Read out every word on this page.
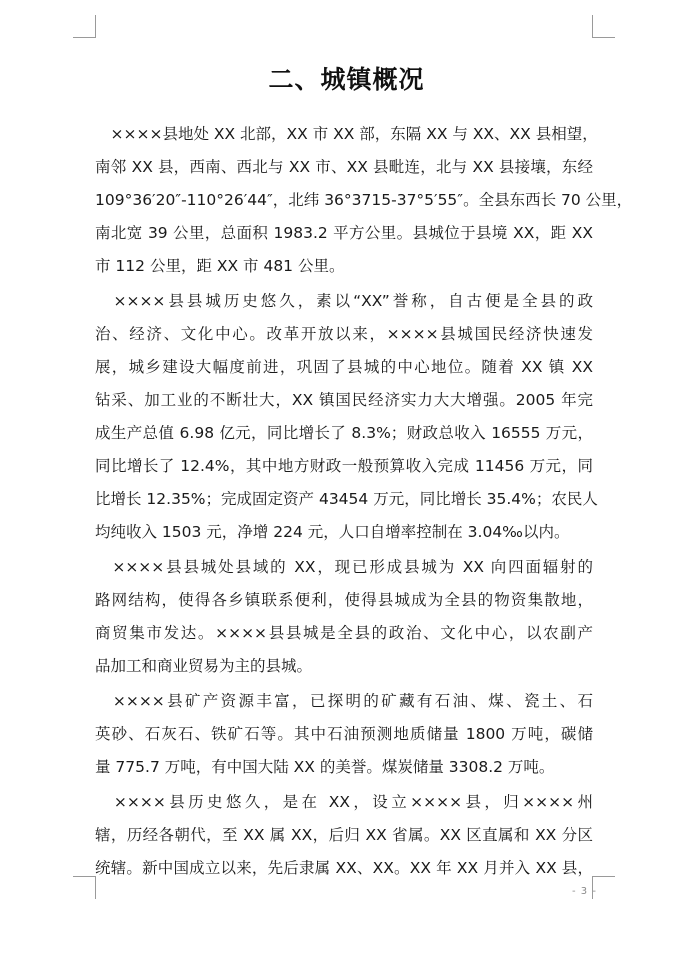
二、城镇概况
　××××县地处 XX 北部，XX 市 XX 部，东隔 XX 与 XX、XX 县相望，
南邻 XX 县，西南、西北与 XX 市、XX 县毗连，北与 XX 县接壤，东经
109°36′20″-110°26′44″，北纬 36°3715-37°5′55″。全县东西长 70 公里，
南北宽 39 公里，总面积 1983.2 平方公里。县城位于县境 XX，距 XX
市 112 公里，距 XX 市 481 公里。
　××××县县城历史悠久，素以“XX”誉称，自古便是全县的政
治、经济、文化中心。改革开放以来，××××县城国民经济快速发
展，城乡建设大幅度前进，巩固了县城的中心地位。随着 XX 镇 XX
钻采、加工业的不断壮大，XX 镇国民经济实力大大增强。2005 年完
成生产总值 6.98 亿元，同比增长了 8.3%；财政总收入 16555 万元，
同比增长了 12.4%，其中地方财政一般预算收入完成 11456 万元，同
比增长 12.35%；完成固定资产 43454 万元，同比增长 35.4%；农民人
均纯收入 1503 元，净增 224 元，人口自增率控制在 3.04‰以内。
　××××县县城处县域的 XX，现已形成县城为 XX 向四面辐射的
路网结构，使得各乡镇联系便利，使得县城成为全县的物资集散地，
商贸集市发达。××××县县城是全县的政治、文化中心，以农副产
品加工和商业贸易为主的县城。
　××××县矿产资源丰富，已探明的矿藏有石油、煤、瓷土、石
英砂、石灰石、铁矿石等。其中石油预测地质储量 1800 万吨，碳储
量 775.7 万吨，有中国大陆 XX 的美誉。煤炭储量 3308.2 万吨。
　××××县历史悠久，是在 XX，设立××××县，归××××州
辖，历经各朝代，至 XX 属 XX，后归 XX 省属。XX 区直属和 XX 分区
统辖。新中国成立以来，先后隶属 XX、XX。XX 年 XX 月并入 XX 县，
- 3 -
